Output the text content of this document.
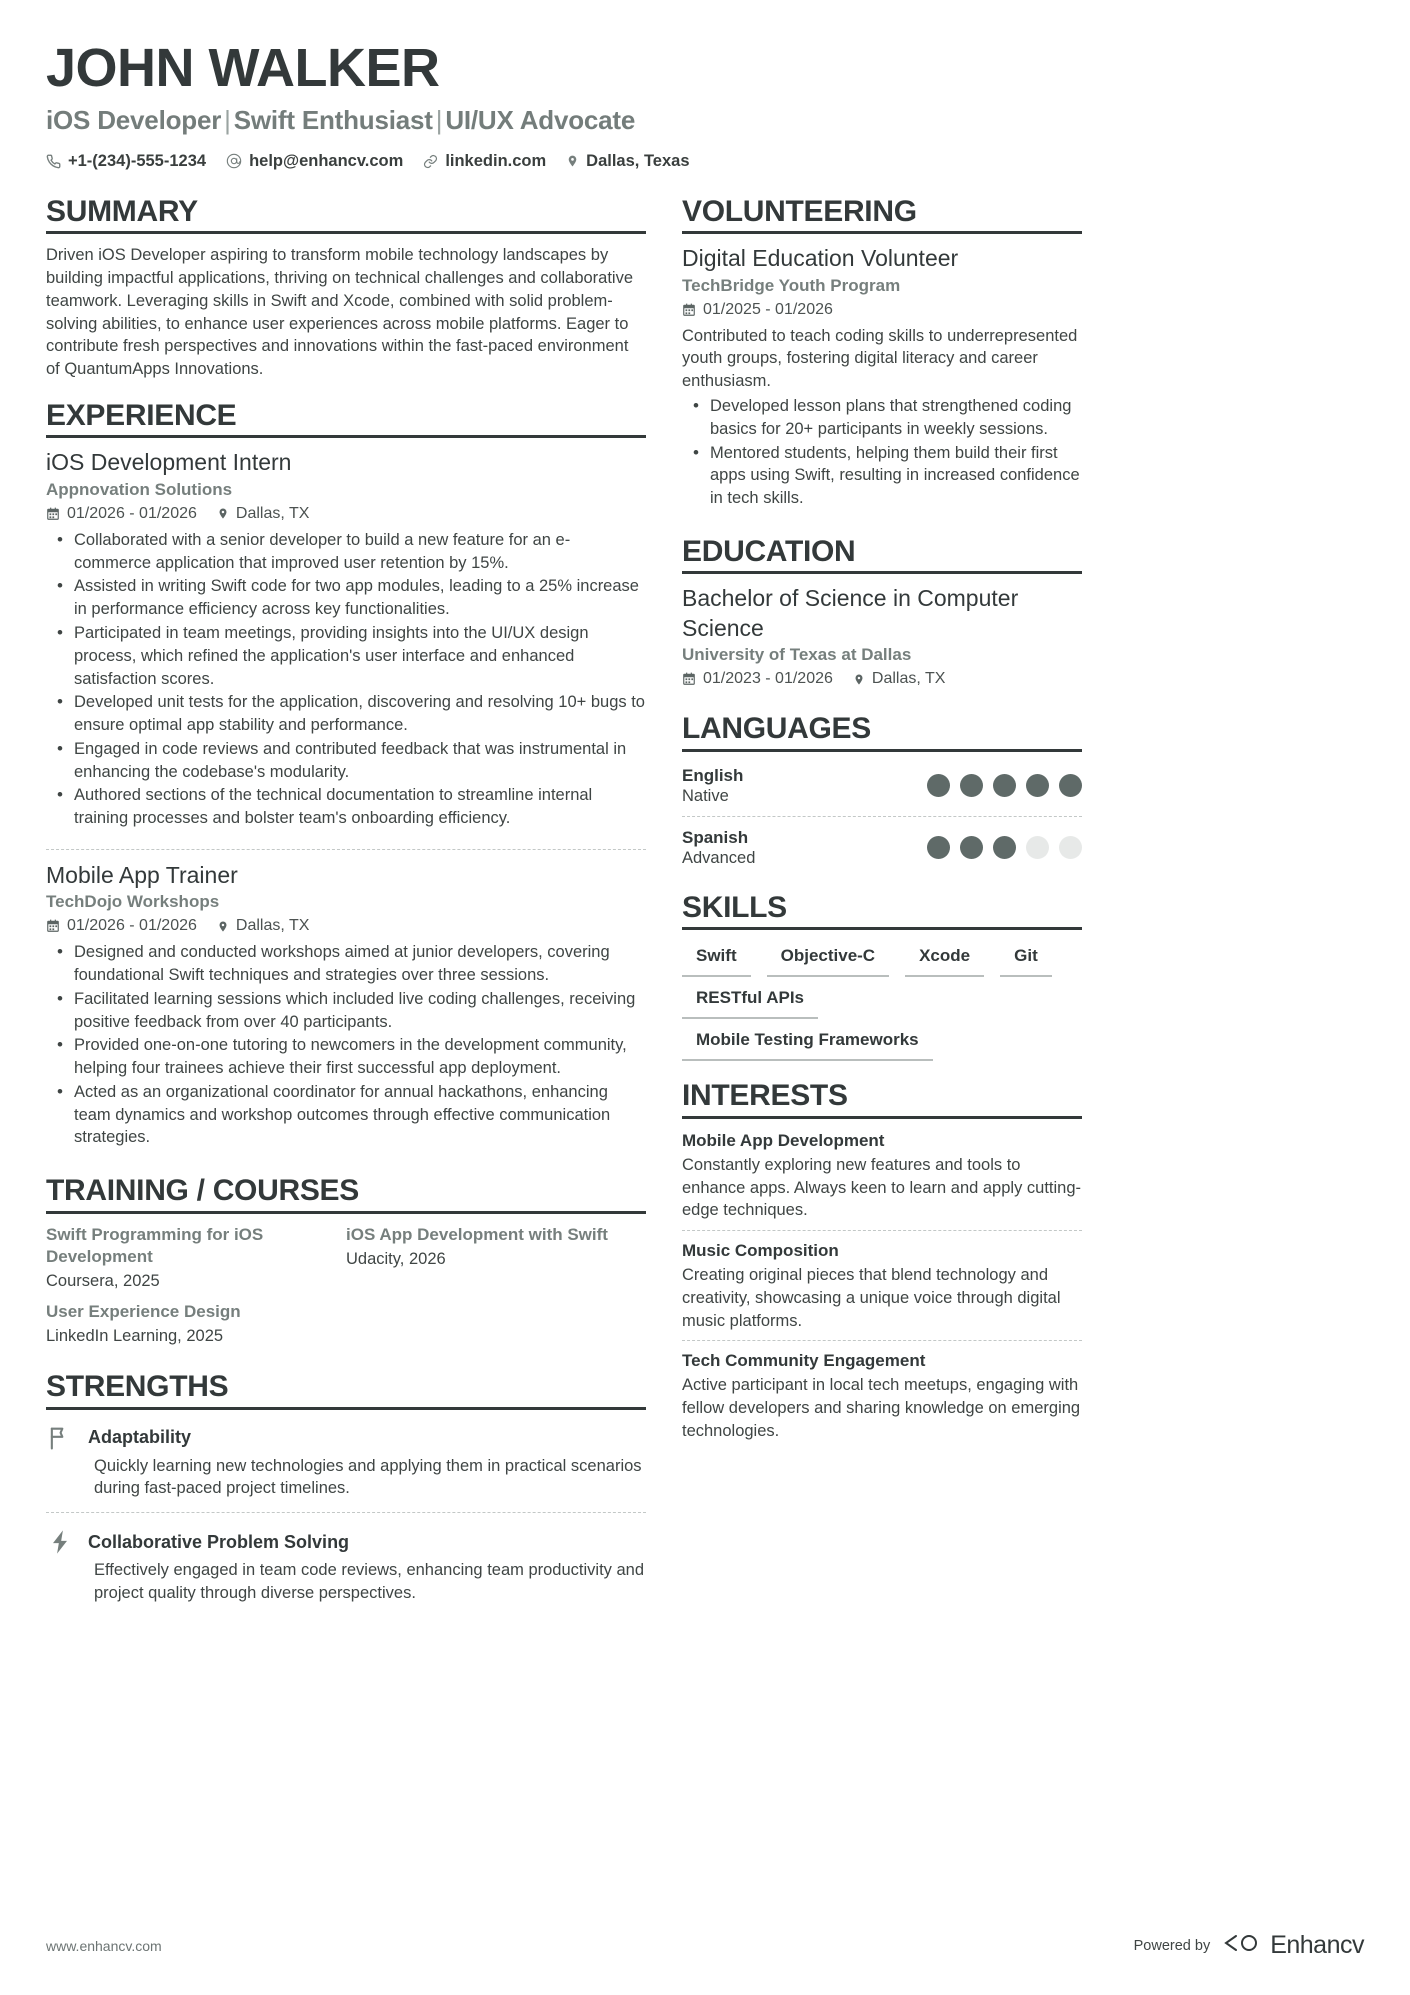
JOHN WALKER
iOS Developer | Swift Enthusiast | UI/UX Advocate
+1-(234)-555-1234	help@enhancv.com	linkedin.com Dallas, Texas
SUMMARY
Driven iOS Developer aspiring to transform mobile technology landscapes by building impactful applications, thriving on technical challenges and collaborative teamwork. Leveraging skills in Swift and Xcode, combined with solid problem-solving abilities, to enhance user experiences across mobile platforms. Eager to contribute fresh perspectives and innovations within the fast-paced environment of QuantumApps Innovations.
EXPERIENCE
iOS Development Intern
Appnovation Solutions
01/2026 - 01/2026 Dallas, TX
• Collaborated with a senior developer to build a new feature for an e-commerce application that improved user retention by 15%.
• Assisted in writing Swift code for two app modules, leading to a 25% increase in performance efficiency across key functionalities.
• Participated in team meetings, providing insights into the UI/UX design process, which refined the application's user interface and enhanced satisfaction scores.
• Developed unit tests for the application, discovering and resolving 10+ bugs to ensure optimal app stability and performance.
• Engaged in code reviews and contributed feedback that was instrumental in enhancing the codebase's modularity.
• Authored sections of the technical documentation to streamline internal training processes and bolster team's onboarding efficiency.
Mobile App Trainer
TechDojo Workshops
01/2026 - 01/2026 Dallas, TX
• Designed and conducted workshops aimed at junior developers, covering foundational Swift techniques and strategies over three sessions.
• Facilitated learning sessions which included live coding challenges, receiving positive feedback from over 40 participants.
• Provided one-on-one tutoring to newcomers in the development community, helping four trainees achieve their first successful app deployment.
• Acted as an organizational coordinator for annual hackathons, enhancing team dynamics and workshop outcomes through effective communication strategies.
TRAINING / COURSES
Swift Programming for iOS Development
Coursera, 2025
iOS App Development with Swift
Udacity, 2026
User Experience Design
LinkedIn Learning, 2025
STRENGTHS
Adaptability
Quickly learning new technologies and applying them in practical scenarios during fast-paced project timelines.
Collaborative Problem Solving
Effectively engaged in team code reviews, enhancing team productivity and project quality through diverse perspectives.
VOLUNTEERING
Digital Education Volunteer
TechBridge Youth Program
01/2025 - 01/2026
Contributed to teach coding skills to underrepresented youth groups, fostering digital literacy and career enthusiasm.
• Developed lesson plans that strengthened coding basics for 20+ participants in weekly sessions.
• Mentored students, helping them build their first apps using Swift, resulting in increased confidence in tech skills.
EDUCATION
Bachelor of Science in Computer Science
University of Texas at Dallas
01/2023 - 01/2026 Dallas, TX
LANGUAGES
English
Native
Spanish
Advanced
SKILLS
Swift	Objective-C	Xcode	Git
RESTful APIs
Mobile Testing Frameworks
INTERESTS
Mobile App Development
Constantly exploring new features and tools to enhance apps. Always keen to learn and apply cutting-edge techniques.
Music Composition
Creating original pieces that blend technology and creativity, showcasing a unique voice through digital music platforms.
Tech Community Engagement
Active participant in local tech meetups, engaging with fellow developers and sharing knowledge on emerging technologies.
www.enhancv.com	Powered by Enhancv
